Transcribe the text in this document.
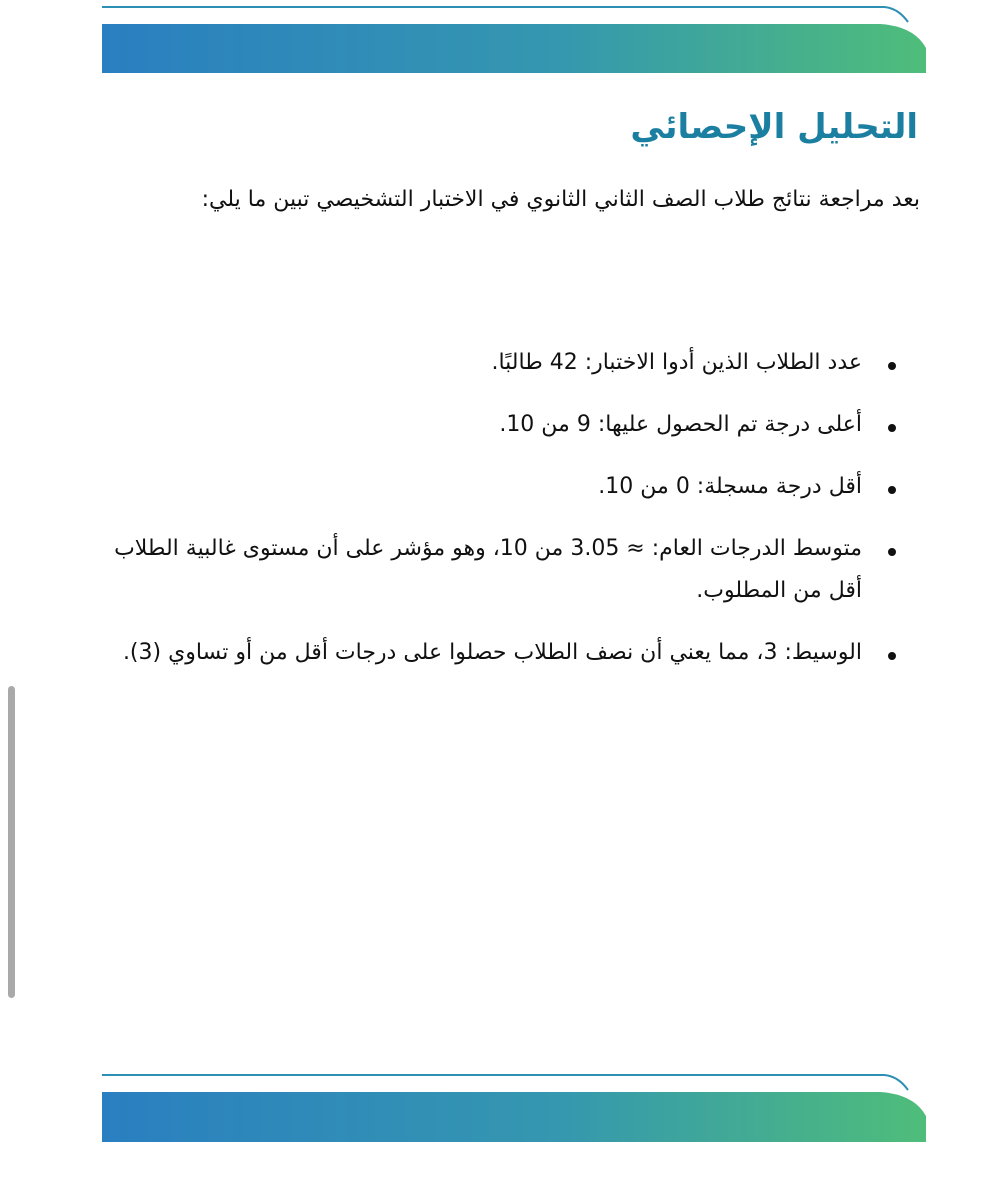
التحليل الإحصائي

بعد مراجعة نتائج طلاب الصف الثاني الثانوي في الاختبار التشخيصي تبين ما يلي:

عدد الطلاب الذين أدوا الاختبار: 42 طالبًا.
أعلى درجة تم الحصول عليها: 9 من 10.
أقل درجة مسجلة: 0 من 10.
متوسط الدرجات العام: ≈ 3.05 من 10، وهو مؤشر على أن مستوى غالبية الطلاب أقل من المطلوب.
الوسيط: 3، مما يعني أن نصف الطلاب حصلوا على درجات أقل من أو تساوي (3).
